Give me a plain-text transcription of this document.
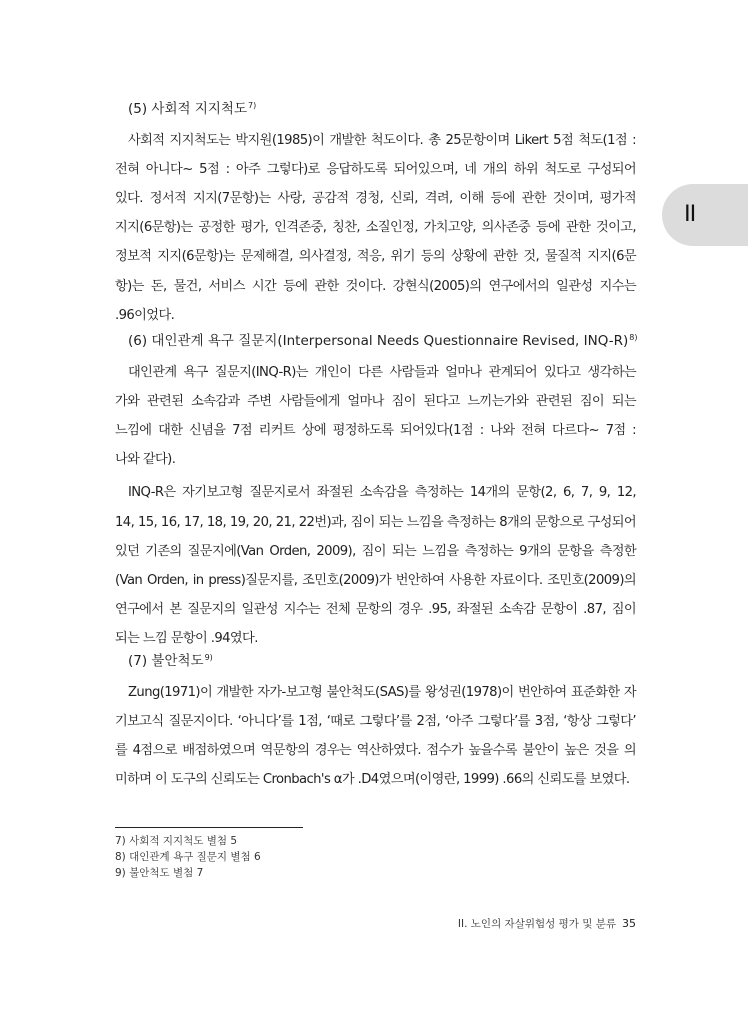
II
(5) 사회적 지지척도$^{7)}$
사회적 지지척도는 박지원(1985)이 개발한 척도이다. 총 25문항이며 Likert 5점 척도(1점 :
전혀 아니다~ 5점 : 아주 그렇다)로 응답하도록 되어있으며, 네 개의 하위 척도로 구성되어
있다. 정서적 지지(7문항)는 사랑, 공감적 경청, 신뢰, 격려, 이해 등에 관한 것이며, 평가적
지지(6문항)는 공정한 평가, 인격존중, 칭찬, 소질인정, 가치고양, 의사존중 등에 관한 것이고,
정보적 지지(6문항)는 문제해결, 의사결정, 적응, 위기 등의 상황에 관한 것, 물질적 지지(6문
항)는 돈, 물건, 서비스 시간 등에 관한 것이다. 강현식(2005)의 연구에서의 일관성 지수는
.96이었다.
(6) 대인관계 욕구 질문지(Interpersonal Needs Questionnaire Revised, INQ-R)$^{8)}$
대인관계 욕구 질문지(INQ-R)는 개인이 다른 사람들과 얼마나 관계되어 있다고 생각하는
가와 관련된 소속감과 주변 사람들에게 얼마나 짐이 된다고 느끼는가와 관련된 짐이 되는
느낌에 대한 신념을 7점 리커트 상에 평정하도록 되어있다(1점 : 나와 전혀 다르다~ 7점 :
나와 같다).
INQ-R은 자기보고형 질문지로서 좌절된 소속감을 측정하는 14개의 문항(2, 6, 7, 9, 12,
14, 15, 16, 17, 18, 19, 20, 21, 22번)과, 짐이 되는 느낌을 측정하는 8개의 문항으로 구성되어
있던 기존의 질문지에(Van Orden, 2009), 짐이 되는 느낌을 측정하는 9개의 문항을 측정한
(Van Orden, in press)질문지를, 조민호(2009)가 번안하여 사용한 자료이다. 조민호(2009)의
연구에서 본 질문지의 일관성 지수는 전체 문항의 경우 .95, 좌절된 소속감 문항이 .87, 짐이
되는 느낌 문항이 .94였다.
(7) 불안척도$^{9)}$
Zung(1971)이 개발한 자가-보고형 불안척도(SAS)를 왕성권(1978)이 번안하여 표준화한 자
기보고식 질문지이다. ‘아니다’를 1점, ‘때로 그렇다’를 2점, ‘아주 그렇다’를 3점, ‘항상 그렇다’
를 4점으로 배점하였으며 역문항의 경우는 역산하였다. 점수가 높을수록 불안이 높은 것을 의
미하며 이 도구의 신뢰도는 Cronbach's α가 .D4였으며(이영란, 1999) .66의 신뢰도를 보였다.
7) 사회적 지지척도 별첨 5
8) 대인관계 욕구 질문지 별첨 6
9) 불안척도 별첨 7
II. 노인의 자살위험성 평가 및 분류 35
